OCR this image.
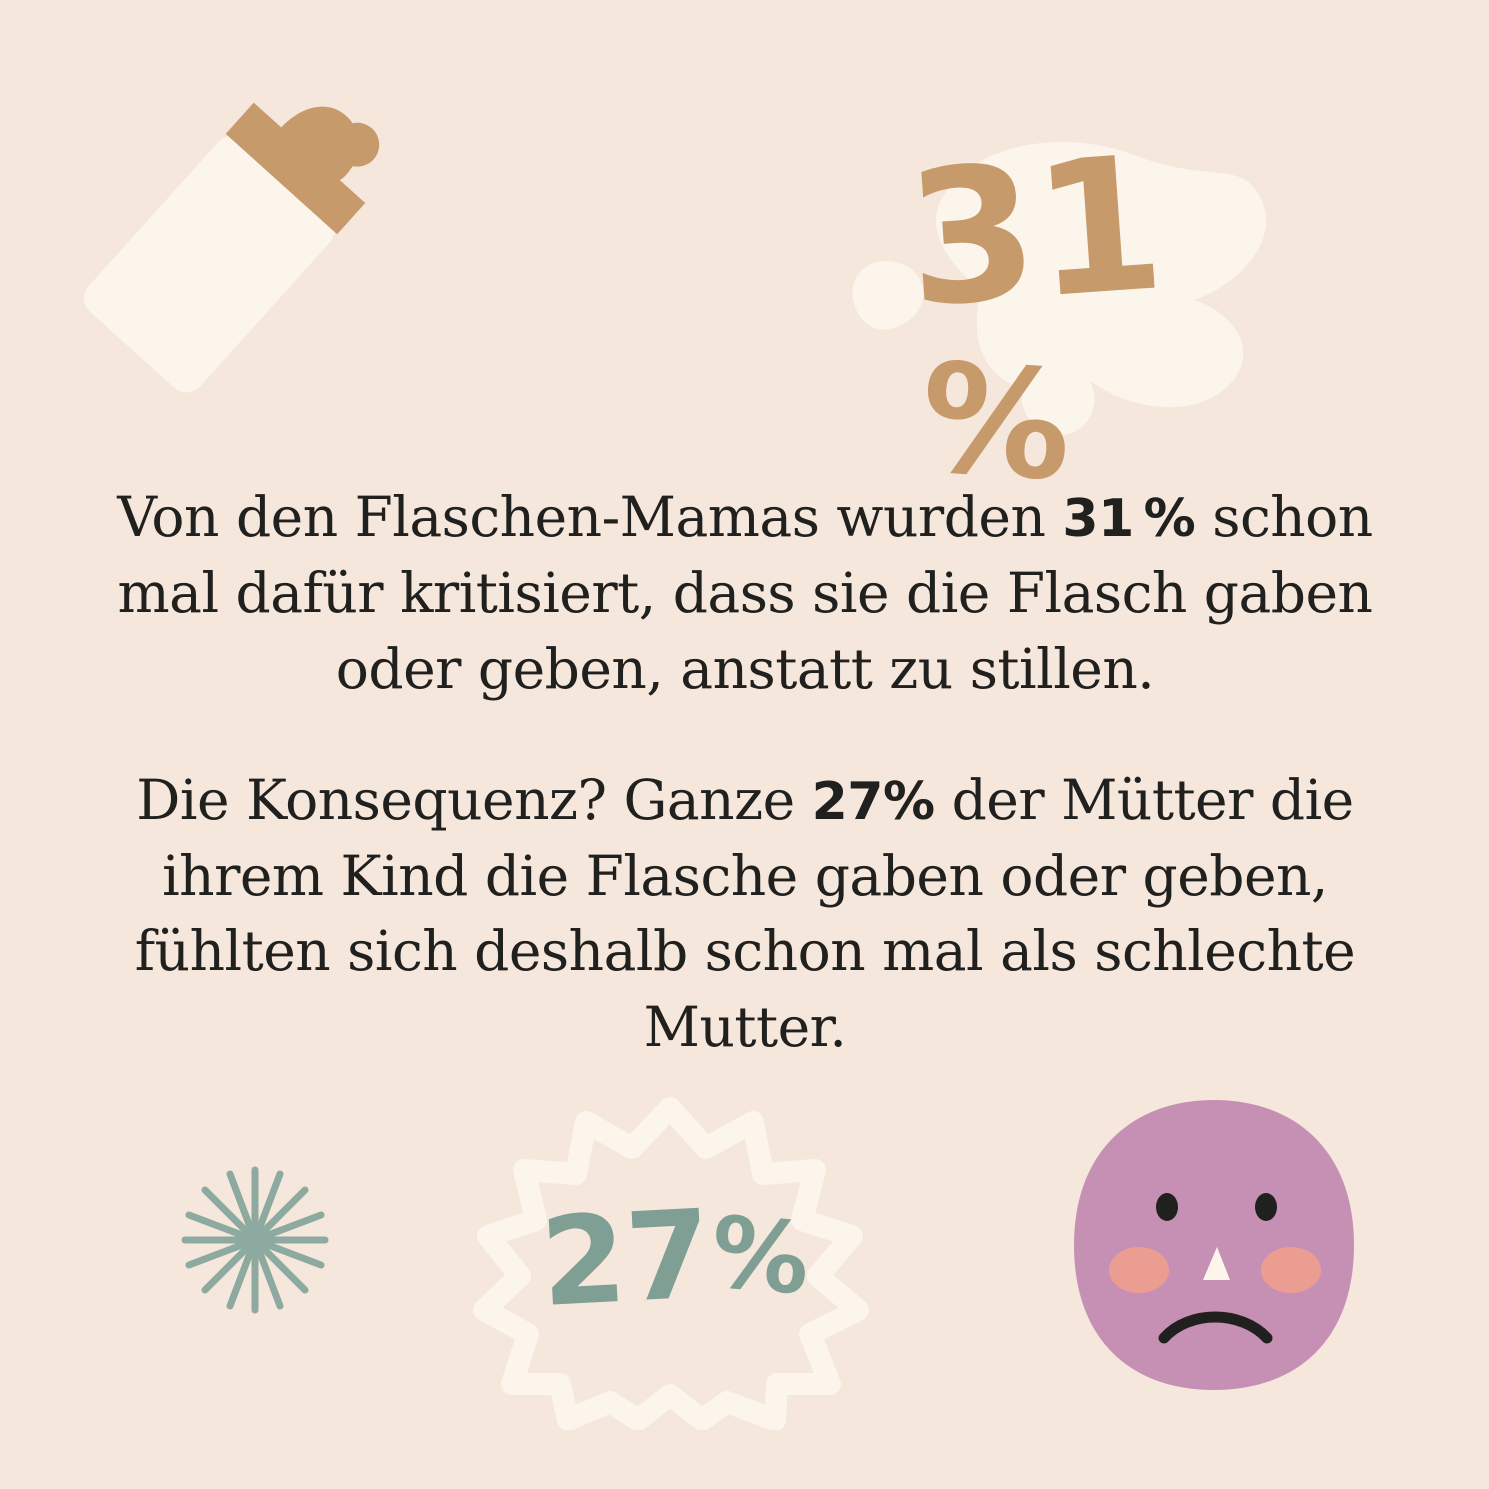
31%

Von den Flaschen-Mamas wurden 31 % schon mal dafür kritisiert, dass sie die Flasch gaben oder geben, anstatt zu stillen.

Die Konsequenz? Ganze 27% der Mütter die ihrem Kind die Flasche gaben oder geben, fühlten sich deshalb schon mal als schlechte Mutter.

27%
